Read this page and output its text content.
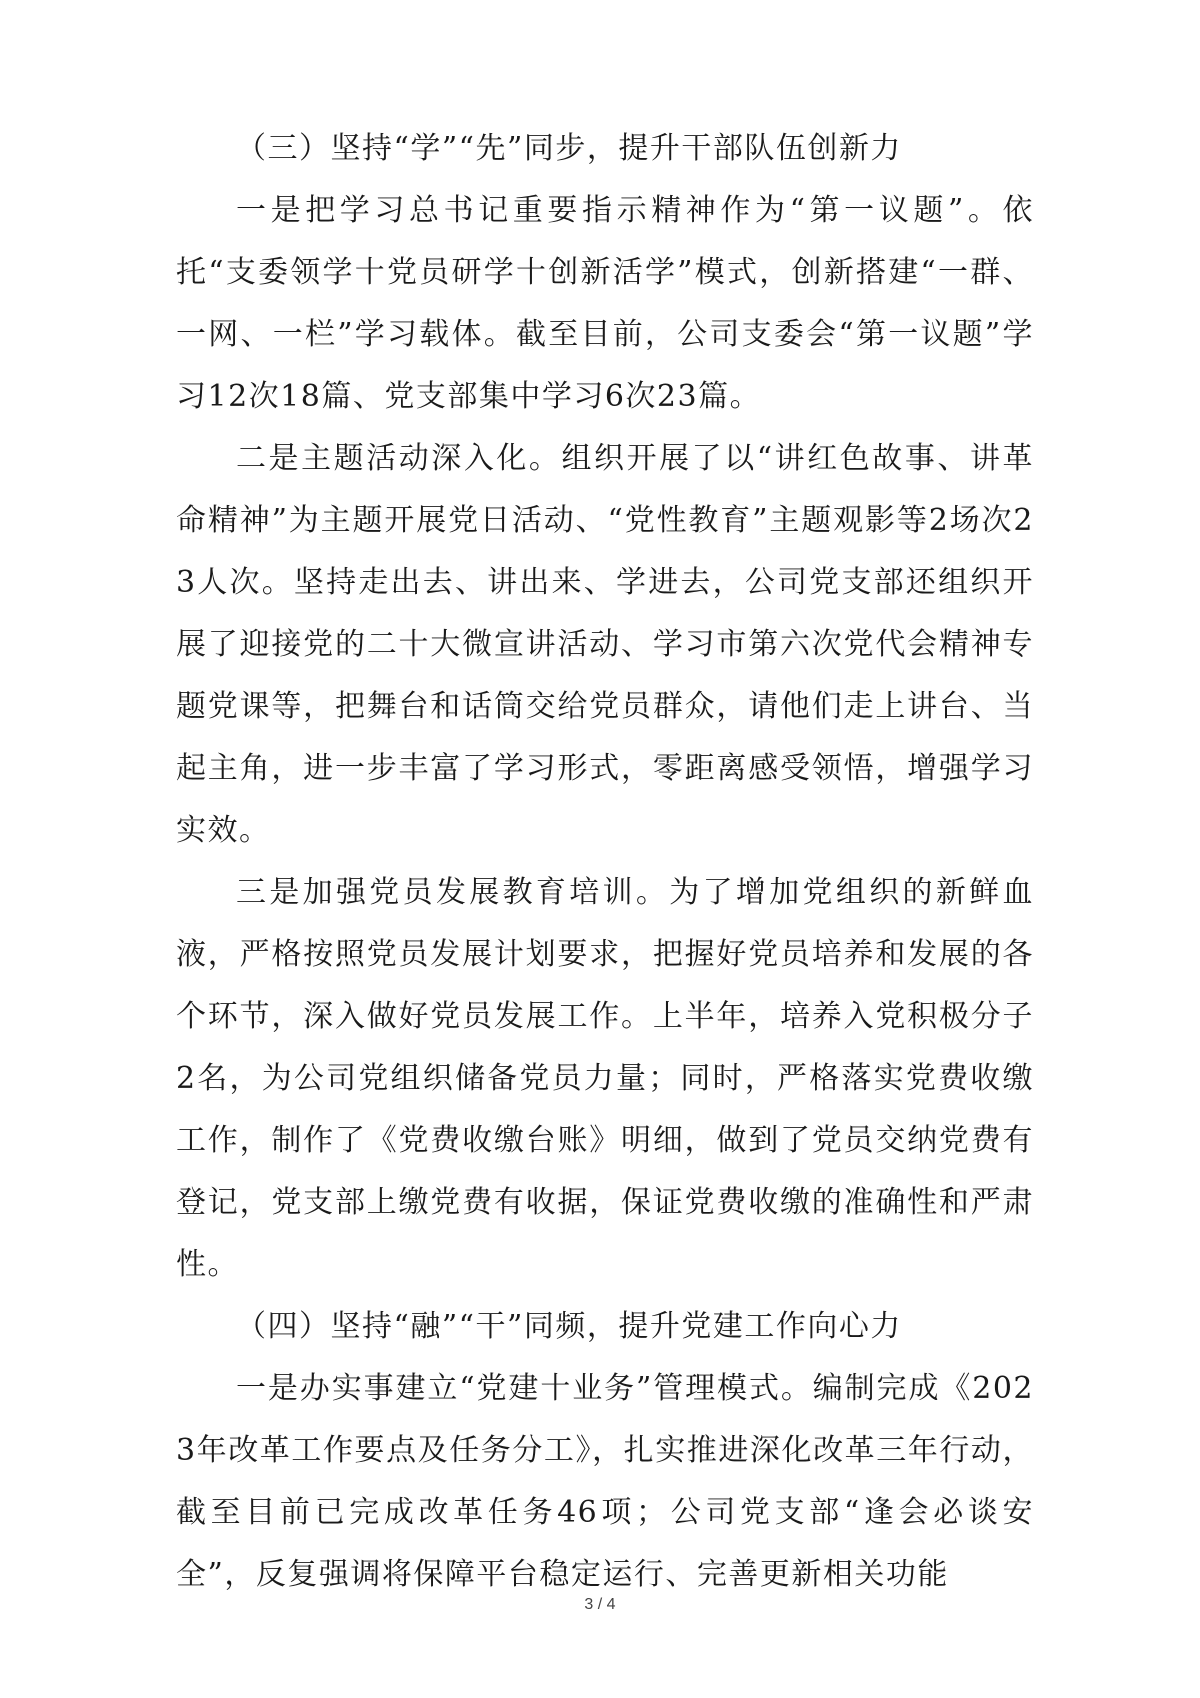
（三）坚持“学”“先”同步，提升干部队伍创新力

一是把学习总书记重要指示精神作为“第一议题”。依托“支委领学十党员研学十创新活学”模式，创新搭建“一群、一网、一栏”学习载体。截至目前，公司支委会“第一议题”学习12次18篇、党支部集中学习6次23篇。

二是主题活动深入化。组织开展了以“讲红色故事、讲革命精神”为主题开展党日活动、“党性教育”主题观影等2场次23人次。坚持走出去、讲出来、学进去，公司党支部还组织开展了迎接党的二十大微宣讲活动、学习市第六次党代会精神专题党课等，把舞台和话筒交给党员群众，请他们走上讲台、当起主角，进一步丰富了学习形式，零距离感受领悟，增强学习实效。

三是加强党员发展教育培训。为了增加党组织的新鲜血液，严格按照党员发展计划要求，把握好党员培养和发展的各个环节，深入做好党员发展工作。上半年，培养入党积极分子2名，为公司党组织储备党员力量；同时，严格落实党费收缴工作，制作了《党费收缴台账》明细，做到了党员交纳党费有登记，党支部上缴党费有收据，保证党费收缴的准确性和严肃性。

（四）坚持“融”“干”同频，提升党建工作向心力

一是办实事建立“党建十业务”管理模式。编制完成《2023年改革工作要点及任务分工》，扎实推进深化改革三年行动，截至目前已完成改革任务46项；公司党支部“逢会必谈安全”，反复强调将保障平台稳定运行、完善更新相关功能

3 / 4
